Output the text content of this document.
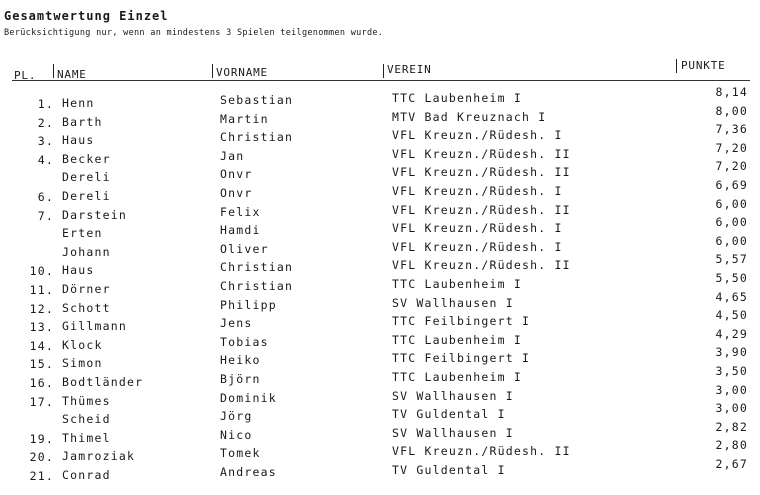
Gesamtwertung Einzel
Berücksichtigung nur, wenn an mindestens 3 Spielen teilgenommen wurde.
PL. NAME	VORNAME	VEREIN	PUNKTE
1. Henn	Sebastian	TTC Laubenheim I	8,14
2. Barth	Martin	MTV Bad Kreuznach I	8,00
3. Haus	Christian	VFL Kreuzn./Rüdesh. I	7,36
4. Becker	Jan	VFL Kreuzn./Rüdesh. II	7,20
Dereli	Onvr	VFL Kreuzn./Rüdesh. II	7,20
6. Dereli	Onvr	VFL Kreuzn./Rüdesh. I	6,69
7. Darstein	Felix	VFL Kreuzn./Rüdesh. II	6,00
Erten	Hamdi	VFL Kreuzn./Rüdesh. I	6,00
Johann	Oliver	VFL Kreuzn./Rüdesh. I	6,00
10. Haus	Christian	VFL Kreuzn./Rüdesh. II	5,57
11. Dörner	Christian	TTC Laubenheim I	5,50
12. Schott	Philipp	SV Wallhausen I	4,65
13. Gillmann	Jens	TTC Feilbingert I	4,50
14. Klock	Tobias	TTC Laubenheim I	4,29
15. Simon	Heiko	TTC Feilbingert I	3,90
16. Bodtländer	Björn	TTC Laubenheim I	3,50
17. Thümes	Dominik	SV Wallhausen I	3,00
Scheid	Jörg	TV Guldental I	3,00
19. Thimel	Nico	SV Wallhausen I	2,82
20. Jamroziak	Tomek	VFL Kreuzn./Rüdesh. II	2,80
21. Conrad	Andreas	TV Guldental I	2,67
